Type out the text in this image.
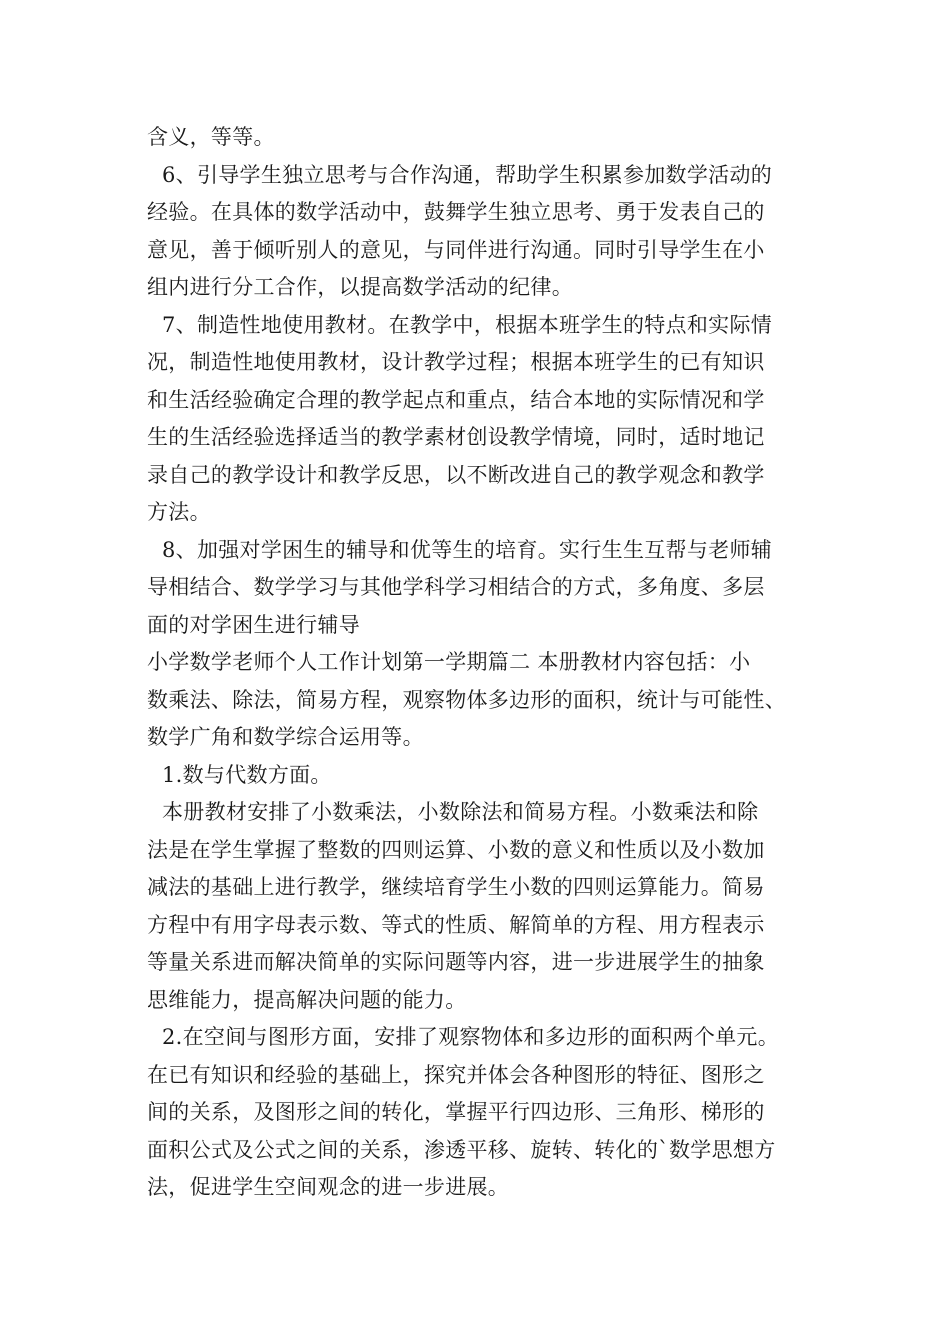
含义，等等。
6、引导学生独立思考与合作沟通，帮助学生积累参加数学活动的
经验。在具体的数学活动中，鼓舞学生独立思考、勇于发表自己的
意见，善于倾听别人的意见，与同伴进行沟通。同时引导学生在小
组内进行分工合作，以提高数学活动的纪律。
7、制造性地使用教材。在教学中，根据本班学生的特点和实际情
况，制造性地使用教材，设计教学过程；根据本班学生的已有知识
和生活经验确定合理的教学起点和重点，结合本地的实际情况和学
生的生活经验选择适当的教学素材创设教学情境，同时，适时地记
录自己的教学设计和教学反思，以不断改进自己的教学观念和教学
方法。
8、加强对学困生的辅导和优等生的培育。实行生生互帮与老师辅
导相结合、数学学习与其他学科学习相结合的方式，多角度、多层
面的对学困生进行辅导
小学数学老师个人工作计划第一学期篇二 本册教材内容包括：小
数乘法、除法，简易方程，观察物体多边形的面积，统计与可能性、
数学广角和数学综合运用等。
1.数与代数方面。
本册教材安排了小数乘法，小数除法和简易方程。小数乘法和除
法是在学生掌握了整数的四则运算、小数的意义和性质以及小数加
减法的基础上进行教学，继续培育学生小数的四则运算能力。简易
方程中有用字母表示数、等式的性质、解简单的方程、用方程表示
等量关系进而解决简单的实际问题等内容，进一步进展学生的抽象
思维能力，提高解决问题的能力。
2.在空间与图形方面，安排了观察物体和多边形的面积两个单元。
在已有知识和经验的基础上，探究并体会各种图形的特征、图形之
间的关系，及图形之间的转化，掌握平行四边形、三角形、梯形的
面积公式及公式之间的关系，渗透平移、旋转、转化的`数学思想方
法，促进学生空间观念的进一步进展。
